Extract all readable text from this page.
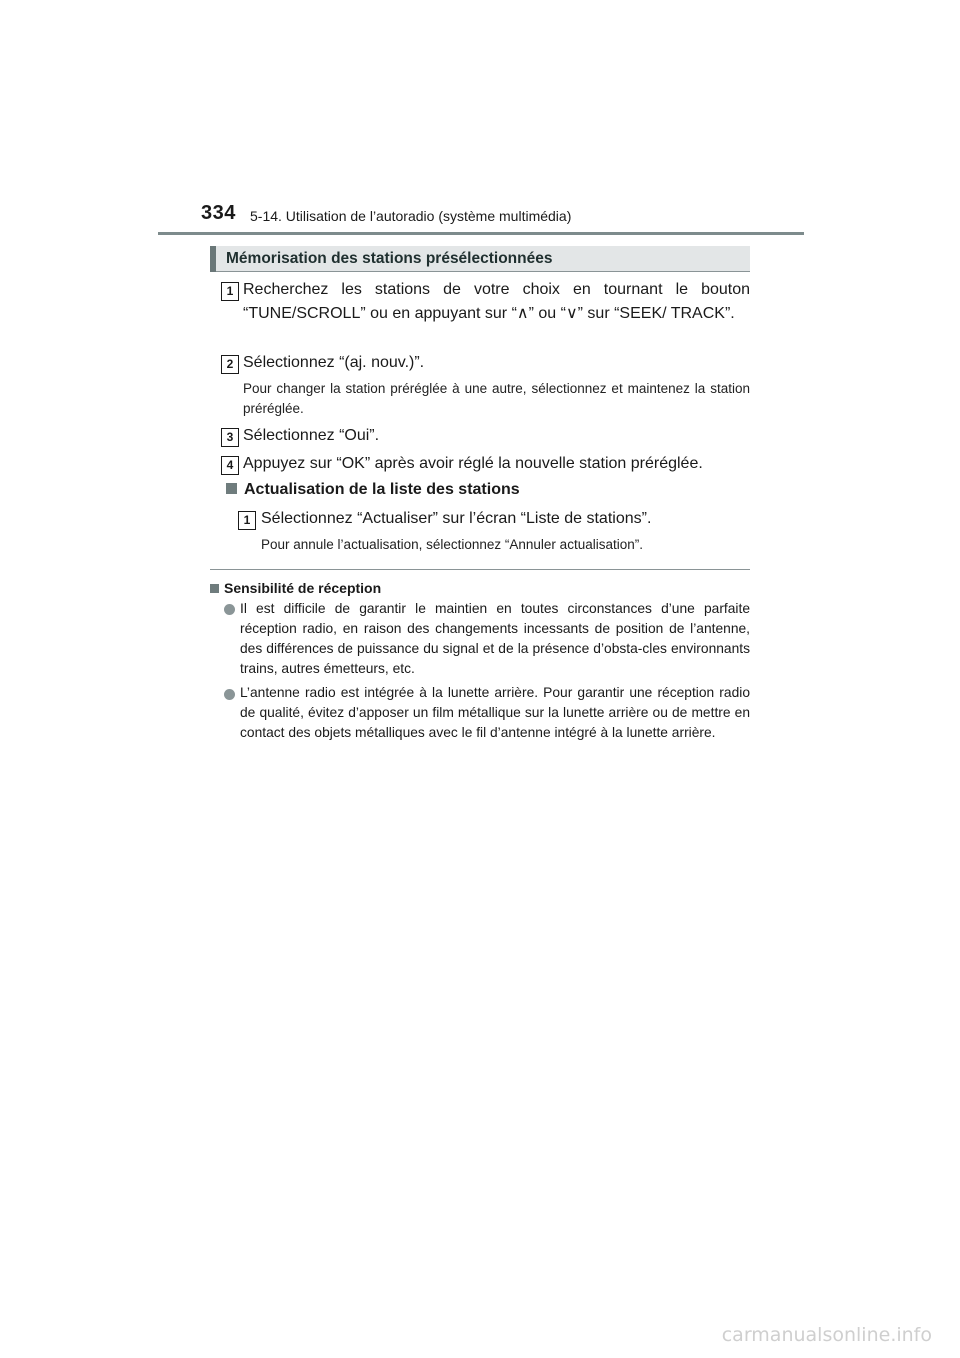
334 5-14. Utilisation de l’autoradio (système multimédia)
Mémorisation des stations présélectionnées
1 Recherchez les stations de votre choix en tournant le bouton “TUNE/SCROLL” ou en appuyant sur “∧” ou “∨” sur “SEEK/ TRACK”.
2 Sélectionnez “(aj. nouv.)”.
Pour changer la station préréglée à une autre, sélectionnez et maintenez la station préréglée.
3 Sélectionnez “Oui”.
4 Appuyez sur “OK” après avoir réglé la nouvelle station préréglée.
Actualisation de la liste des stations
1 Sélectionnez “Actualiser” sur l’écran “Liste de stations”.
Pour annule l’actualisation, sélectionnez “Annuler actualisation”.
Sensibilité de réception
Il est difficile de garantir le maintien en toutes circonstances d’une parfaite réception radio, en raison des changements incessants de position de l’antenne, des différences de puissance du signal et de la présence d’obsta-cles environnants trains, autres émetteurs, etc.
L’antenne radio est intégrée à la lunette arrière. Pour garantir une réception radio de qualité, évitez d’apposer un film métallique sur la lunette arrière ou de mettre en contact des objets métalliques avec le fil d’antenne intégré à la lunette arrière.
carmanualsonline.info
